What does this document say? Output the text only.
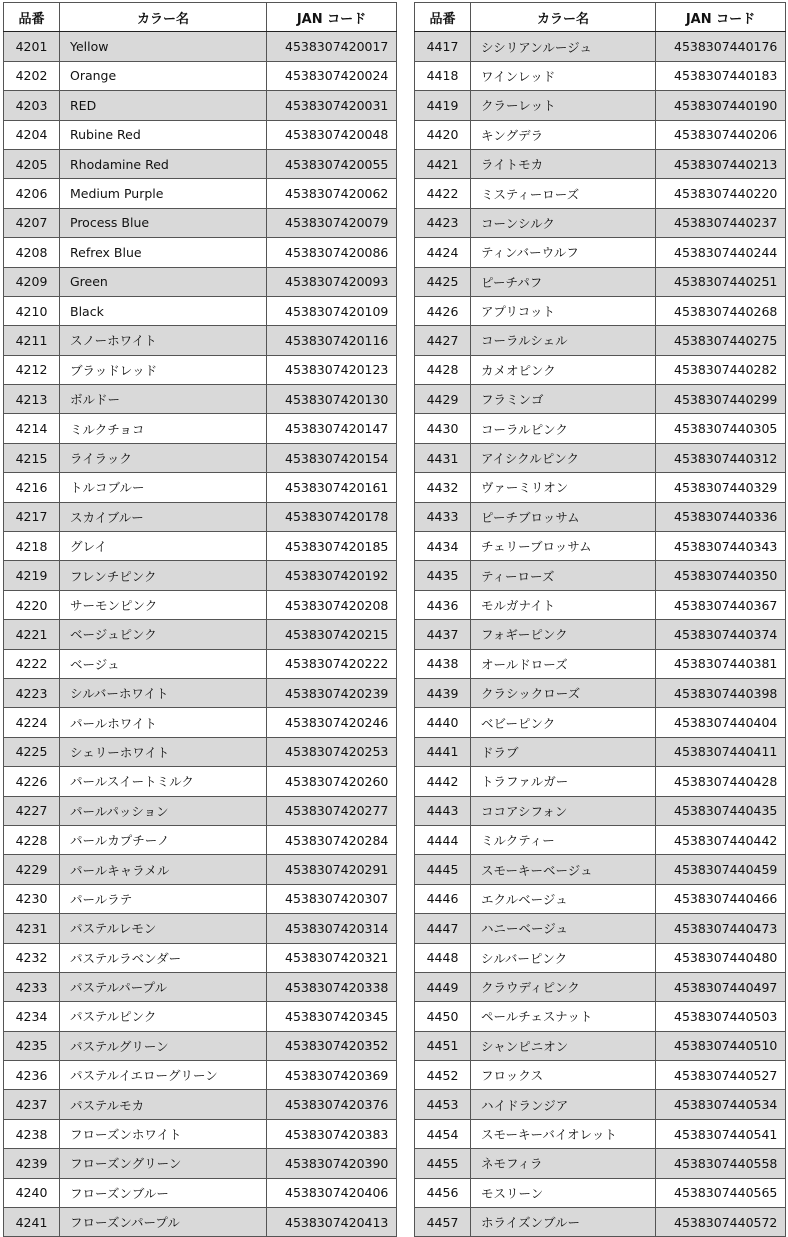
品番	カラー名	JAN コード
4201	Yellow	4538307420017
4202	Orange	4538307420024
4203	RED	4538307420031
4204	Rubine Red	4538307420048
4205	Rhodamine Red	4538307420055
4206	Medium Purple	4538307420062
4207	Process Blue	4538307420079
4208	Refrex Blue	4538307420086
4209	Green	4538307420093
4210	Black	4538307420109
4211	スノーホワイト	4538307420116
4212	ブラッドレッド	4538307420123
4213	ボルドー	4538307420130
4214	ミルクチョコ	4538307420147
4215	ライラック	4538307420154
4216	トルコブルー	4538307420161
4217	スカイブルー	4538307420178
4218	グレイ	4538307420185
4219	フレンチピンク	4538307420192
4220	サーモンピンク	4538307420208
4221	ベージュピンク	4538307420215
4222	ベージュ	4538307420222
4223	シルバーホワイト	4538307420239
4224	パールホワイト	4538307420246
4225	シェリーホワイト	4538307420253
4226	パールスイートミルク	4538307420260
4227	パールパッション	4538307420277
4228	パールカプチーノ	4538307420284
4229	パールキャラメル	4538307420291
4230	パールラテ	4538307420307
4231	パステルレモン	4538307420314
4232	パステルラベンダー	4538307420321
4233	パステルパープル	4538307420338
4234	パステルピンク	4538307420345
4235	パステルグリーン	4538307420352
4236	パステルイエローグリーン	4538307420369
4237	パステルモカ	4538307420376
4238	フローズンホワイト	4538307420383
4239	フローズングリーン	4538307420390
4240	フローズンブルー	4538307420406
4241	フローズンパープル	4538307420413
品番	カラー名	JAN コード
4417	シシリアンルージュ	4538307440176
4418	ワインレッド	4538307440183
4419	クラーレット	4538307440190
4420	キングデラ	4538307440206
4421	ライトモカ	4538307440213
4422	ミスティーローズ	4538307440220
4423	コーンシルク	4538307440237
4424	ティンバーウルフ	4538307440244
4425	ピーチパフ	4538307440251
4426	アプリコット	4538307440268
4427	コーラルシェル	4538307440275
4428	カメオピンク	4538307440282
4429	フラミンゴ	4538307440299
4430	コーラルピンク	4538307440305
4431	アイシクルピンク	4538307440312
4432	ヴァーミリオン	4538307440329
4433	ピーチブロッサム	4538307440336
4434	チェリーブロッサム	4538307440343
4435	ティーローズ	4538307440350
4436	モルガナイト	4538307440367
4437	フォギーピンク	4538307440374
4438	オールドローズ	4538307440381
4439	クラシックローズ	4538307440398
4440	ベビーピンク	4538307440404
4441	ドラブ	4538307440411
4442	トラファルガー	4538307440428
4443	ココアシフォン	4538307440435
4444	ミルクティー	4538307440442
4445	スモーキーベージュ	4538307440459
4446	エクルベージュ	4538307440466
4447	ハニーベージュ	4538307440473
4448	シルバーピンク	4538307440480
4449	クラウディピンク	4538307440497
4450	ペールチェスナット	4538307440503
4451	シャンピニオン	4538307440510
4452	フロックス	4538307440527
4453	ハイドランジア	4538307440534
4454	スモーキーバイオレット	4538307440541
4455	ネモフィラ	4538307440558
4456	モスリーン	4538307440565
4457	ホライズンブルー	4538307440572
